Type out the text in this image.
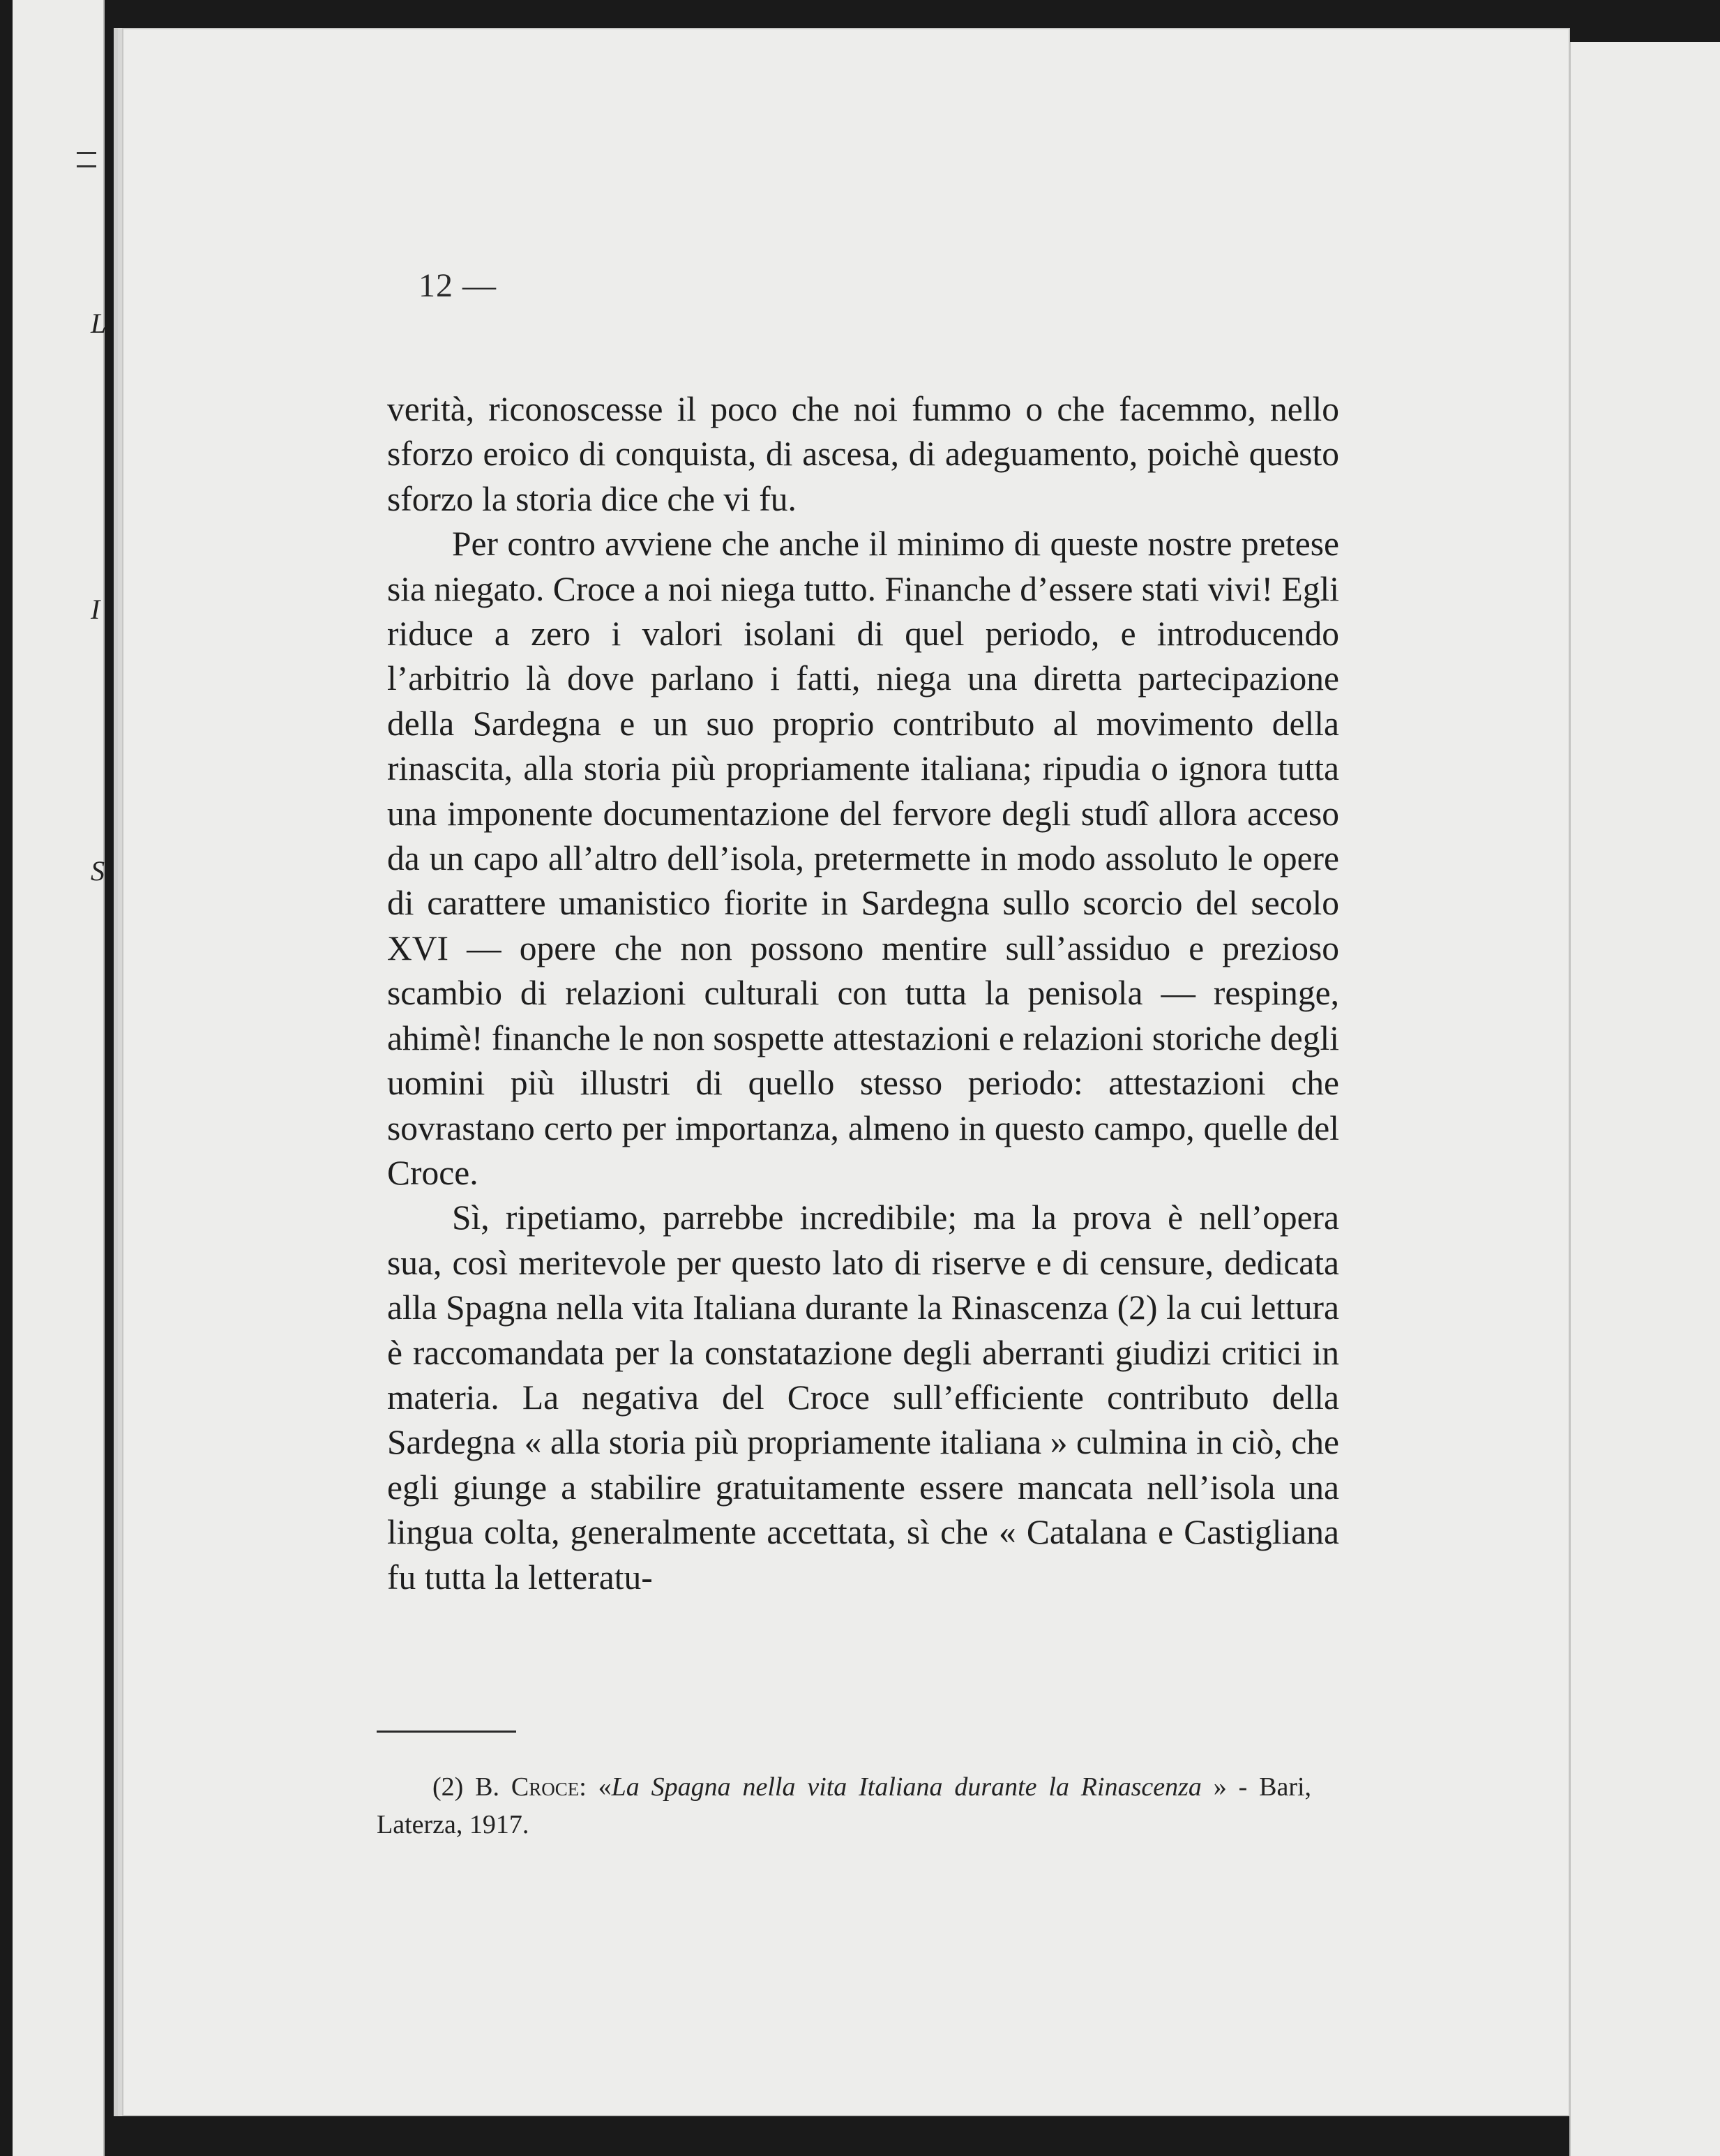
L
I
S
12 —

verità, riconoscesse il poco che noi fummo o che facemmo, nello sforzo eroico di conquista, di ascesa, di adeguamento, poichè questo sforzo la storia dice che vi fu.

Per contro avviene che anche il minimo di queste nostre pretese sia niegato. Croce a noi niega tutto. Finanche d’essere stati vivi! Egli riduce a zero i valori isolani di quel periodo, e introducendo l’arbitrio là dove parlano i fatti, niega una diretta partecipazione della Sardegna e un suo proprio contributo al movimento della rinascita, alla storia più propriamente italiana; ripudia o ignora tutta una imponente documentazione del fervore degli studî allora acceso da un capo all’altro dell’isola, pretermette in modo assoluto le opere di carattere umanistico fiorite in Sardegna sullo scorcio del secolo XVI — opere che non possono mentire sull’assiduo e prezioso scambio di relazioni culturali con tutta la penisola — respinge, ahimè! finanche le non sospette attestazioni e relazioni storiche degli uomini più illustri di quello stesso periodo: attestazioni che sovrastano certo per importanza, almeno in questo campo, quelle del Croce.

Sì, ripetiamo, parrebbe incredibile; ma la prova è nell’opera sua, così meritevole per questo lato di riserve e di censure, dedicata alla Spagna nella vita Italiana durante la Rinascenza (2) la cui lettura è raccomandata per la constatazione degli aberranti giudizi critici in materia. La negativa del Croce sull’efficiente contributo della Sardegna « alla storia più propriamente italiana » culmina in ciò, che egli giunge a stabilire gratuitamente essere mancata nell’isola una lingua colta, generalmente accettata, sì che « Catalana e Castigliana fu tutta la letteratu-

(2) B. Croce: «La Spagna nella vita Italiana durante la Rinascenza » - Bari, Laterza, 1917.
